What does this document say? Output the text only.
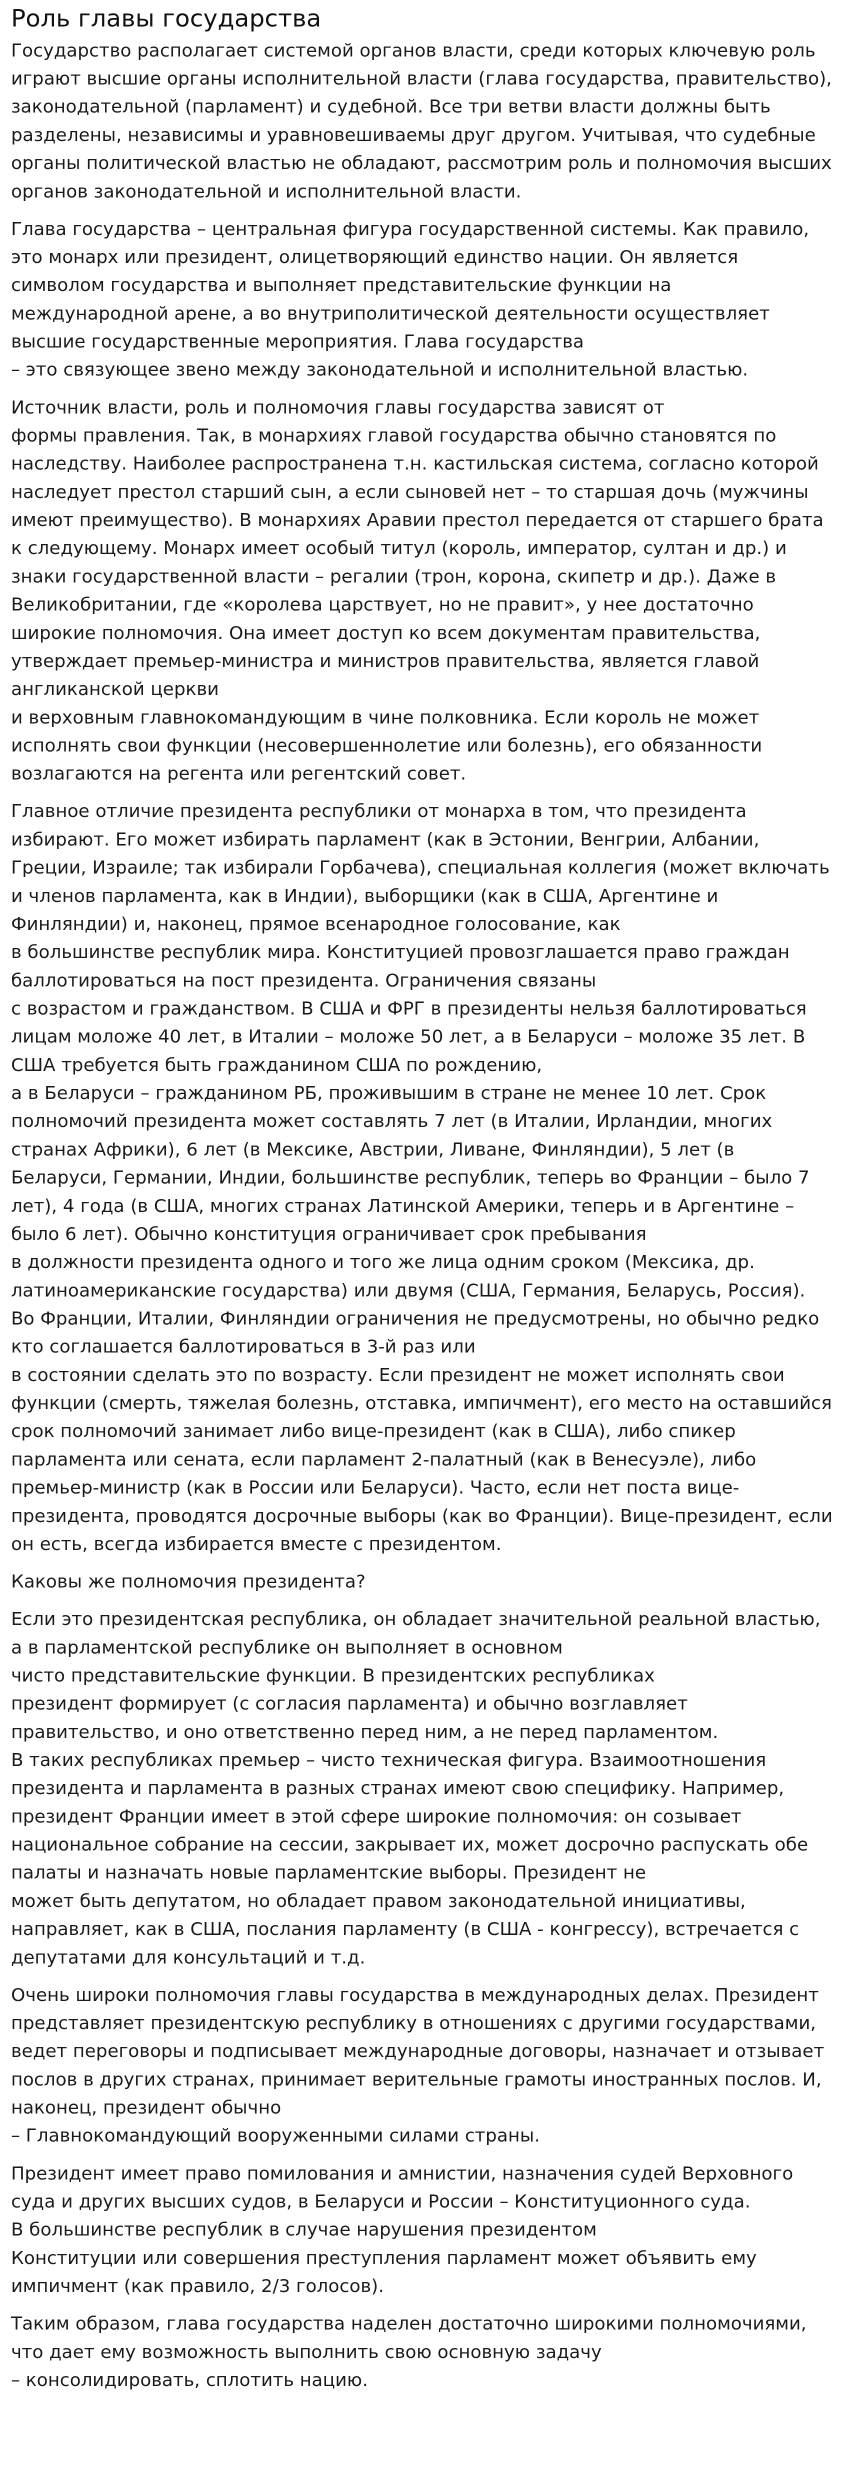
Роль главы государства

Государство располагает системой органов власти, среди которых ключевую роль играют высшие органы исполнительной власти (глава государства, правительство), законодательной (парламент) и судебной. Все три ветви власти должны быть разделены, независимы и уравновешиваемы друг другом. Учитывая, что судебные органы политической властью не обладают, рассмотрим роль и полномочия высших органов законодательной и исполнительной власти.

Глава государства – центральная фигура государственной системы. Как правило, это монарх или президент, олицетворяющий единство нации. Он является символом государства и выполняет представительские функции на международной арене, а во внутриполитической деятельности осуществляет высшие государственные мероприятия. Глава государства
– это связующее звено между законодательной и исполнительной властью.

Источник власти, роль и полномочия главы государства зависят от
формы правления. Так, в монархиях главой государства обычно становятся по наследству. Наиболее распространена т.н. кастильская система, согласно которой наследует престол старший сын, а если сыновей нет – то старшая дочь (мужчины имеют преимущество). В монархиях Аравии престол передается от старшего брата к следующему. Монарх имеет особый титул (король, император, султан и др.) и знаки государственной власти – регалии (трон, корона, скипетр и др.). Даже в Великобритании, где «королева царствует, но не правит», у нее достаточно широкие полномочия. Она имеет доступ ко всем документам правительства, утверждает премьер-министра и министров правительства, является главой англиканской церкви
и верховным главнокомандующим в чине полковника. Если король не может исполнять свои функции (несовершеннолетие или болезнь), его обязанности возлагаются на регента или регентский совет.

Главное отличие президента республики от монарха в том, что президента избирают. Его может избирать парламент (как в Эстонии, Венгрии, Албании, Греции, Израиле; так избирали Горбачева), специальная коллегия (может включать и членов парламента, как в Индии), выборщики (как в США, Аргентине и Финляндии) и, наконец, прямое всенародное голосование, как
в большинстве республик мира. Конституцией провозглашается право граждан баллотироваться на пост президента. Ограничения связаны
с возрастом и гражданством. В США и ФРГ в президенты нельзя баллотироваться лицам моложе 40 лет, в Италии – моложе 50 лет, а в Беларуси – моложе 35 лет. В США требуется быть гражданином США по рождению,
а в Беларуси – гражданином РБ, проживышим в стране не менее 10 лет. Срок полномочий президента может составлять 7 лет (в Италии, Ирландии, многих странах Африки), 6 лет (в Мексике, Австрии, Ливане, Финляндии), 5 лет (в Беларуси, Германии, Индии, большинстве республик, теперь во Франции – было 7 лет), 4 года (в США, многих странах Латинской Америки, теперь и в Аргентине – было 6 лет). Обычно конституция ограничивает срок пребывания
в должности президента одного и того же лица одним сроком (Мексика, др. латиноамериканские государства) или двумя (США, Германия, Беларусь, Россия). Во Франции, Италии, Финляндии ограничения не предусмотрены, но обычно редко кто соглашается баллотироваться в 3-й раз или
в состоянии сделать это по возрасту. Если президент не может исполнять свои функции (смерть, тяжелая болезнь, отставка, импичмент), его место на оставшийся срок полномочий занимает либо вице-президент (как в США), либо спикер парламента или сената, если парламент 2-палатный (как в Венесуэле), либо премьер-министр (как в России или Беларуси). Часто, если нет поста вице-президента, проводятся досрочные выборы (как во Франции). Вице-президент, если он есть, всегда избирается вместе с президентом.

Каковы же полномочия президента?

Если это президентская республика, он обладает значительной реальной властью, а в парламентской республике он выполняет в основном
чисто представительские функции. В президентских республиках
президент формирует (с согласия парламента) и обычно возглавляет правительство, и оно ответственно перед ним, а не перед парламентом.
В таких республиках премьер – чисто техническая фигура. Взаимоотношения президента и парламента в разных странах имеют свою специфику. Например, президент Франции имеет в этой сфере широкие полномочия: он созывает национальное собрание на сессии, закрывает их, может досрочно распускать обе палаты и назначать новые парламентские выборы. Президент не
может быть депутатом, но обладает правом законодательной инициативы, направляет, как в США, послания парламенту (в США - конгрессу), встречается с депутатами для консультаций и т.д.

Очень широки полномочия главы государства в международных делах. Президент представляет президентскую республику в отношениях с другими государствами, ведет переговоры и подписывает международные договоры, назначает и отзывает послов в других странах, принимает верительные грамоты иностранных послов. И, наконец, президент обычно
– Главнокомандующий вооруженными силами страны.

Президент имеет право помилования и амнистии, назначения судей Верховного суда и других высших судов, в Беларуси и России – Конституционного суда.
В большинстве республик в случае нарушения президентом
Конституции или совершения преступления парламент может объявить ему импичмент (как правило, 2/3 голосов).

Таким образом, глава государства наделен достаточно широкими полномочиями, что дает ему возможность выполнить свою основную задачу
– консолидировать, сплотить нацию.
